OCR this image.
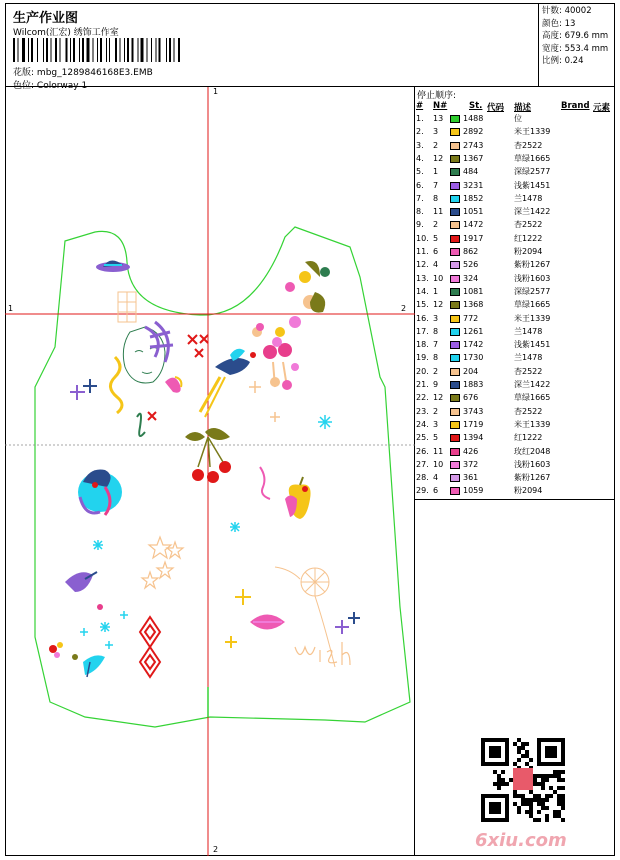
生产作业图
Wilcom(汇宏) 绣饰工作室
花版: mbg_1289846168E3.EMB
色位: Colorway 1
针数: 40002
颜色: 13
高度: 679.6 mm
宽度: 553.4 mm
比例: 0.24
1
2
1	2
停止顺序:
# N#	St. 代码 描述	Brand 元素
1. 13 1488	位
2. 3	2892	米王1339
3. 2	2743	杏2522
4. 12 1367	草绿1665
5. 1	484	深绿2577
6. 7	3231	浅紫1451
7. 8	1852	兰1478
8. 11 1051	深兰1422
9. 2	1472	杏2522
10. 5	1917	红1222
11. 6	862	粉2094
12. 4	526	紫粉1267
13. 10 324	浅粉1603
14. 1	1081	深绿2577
15. 12 1368	草绿1665
16. 3	772	米王1339
17. 8	1261	兰1478
18. 7	1742	浅紫1451
19. 8	1730	兰1478
20. 2	204	杏2522
21. 9	1883	深兰1422
22. 12 676	草绿1665
23. 2	3743	杏2522
24. 3	1719	米王1339
25. 5	1394	红1222
26. 11 426	玫红2048
27. 10 372	浅粉1603
28. 4	361	紫粉1267
29. 6	1059	粉2094
6xiu.com
